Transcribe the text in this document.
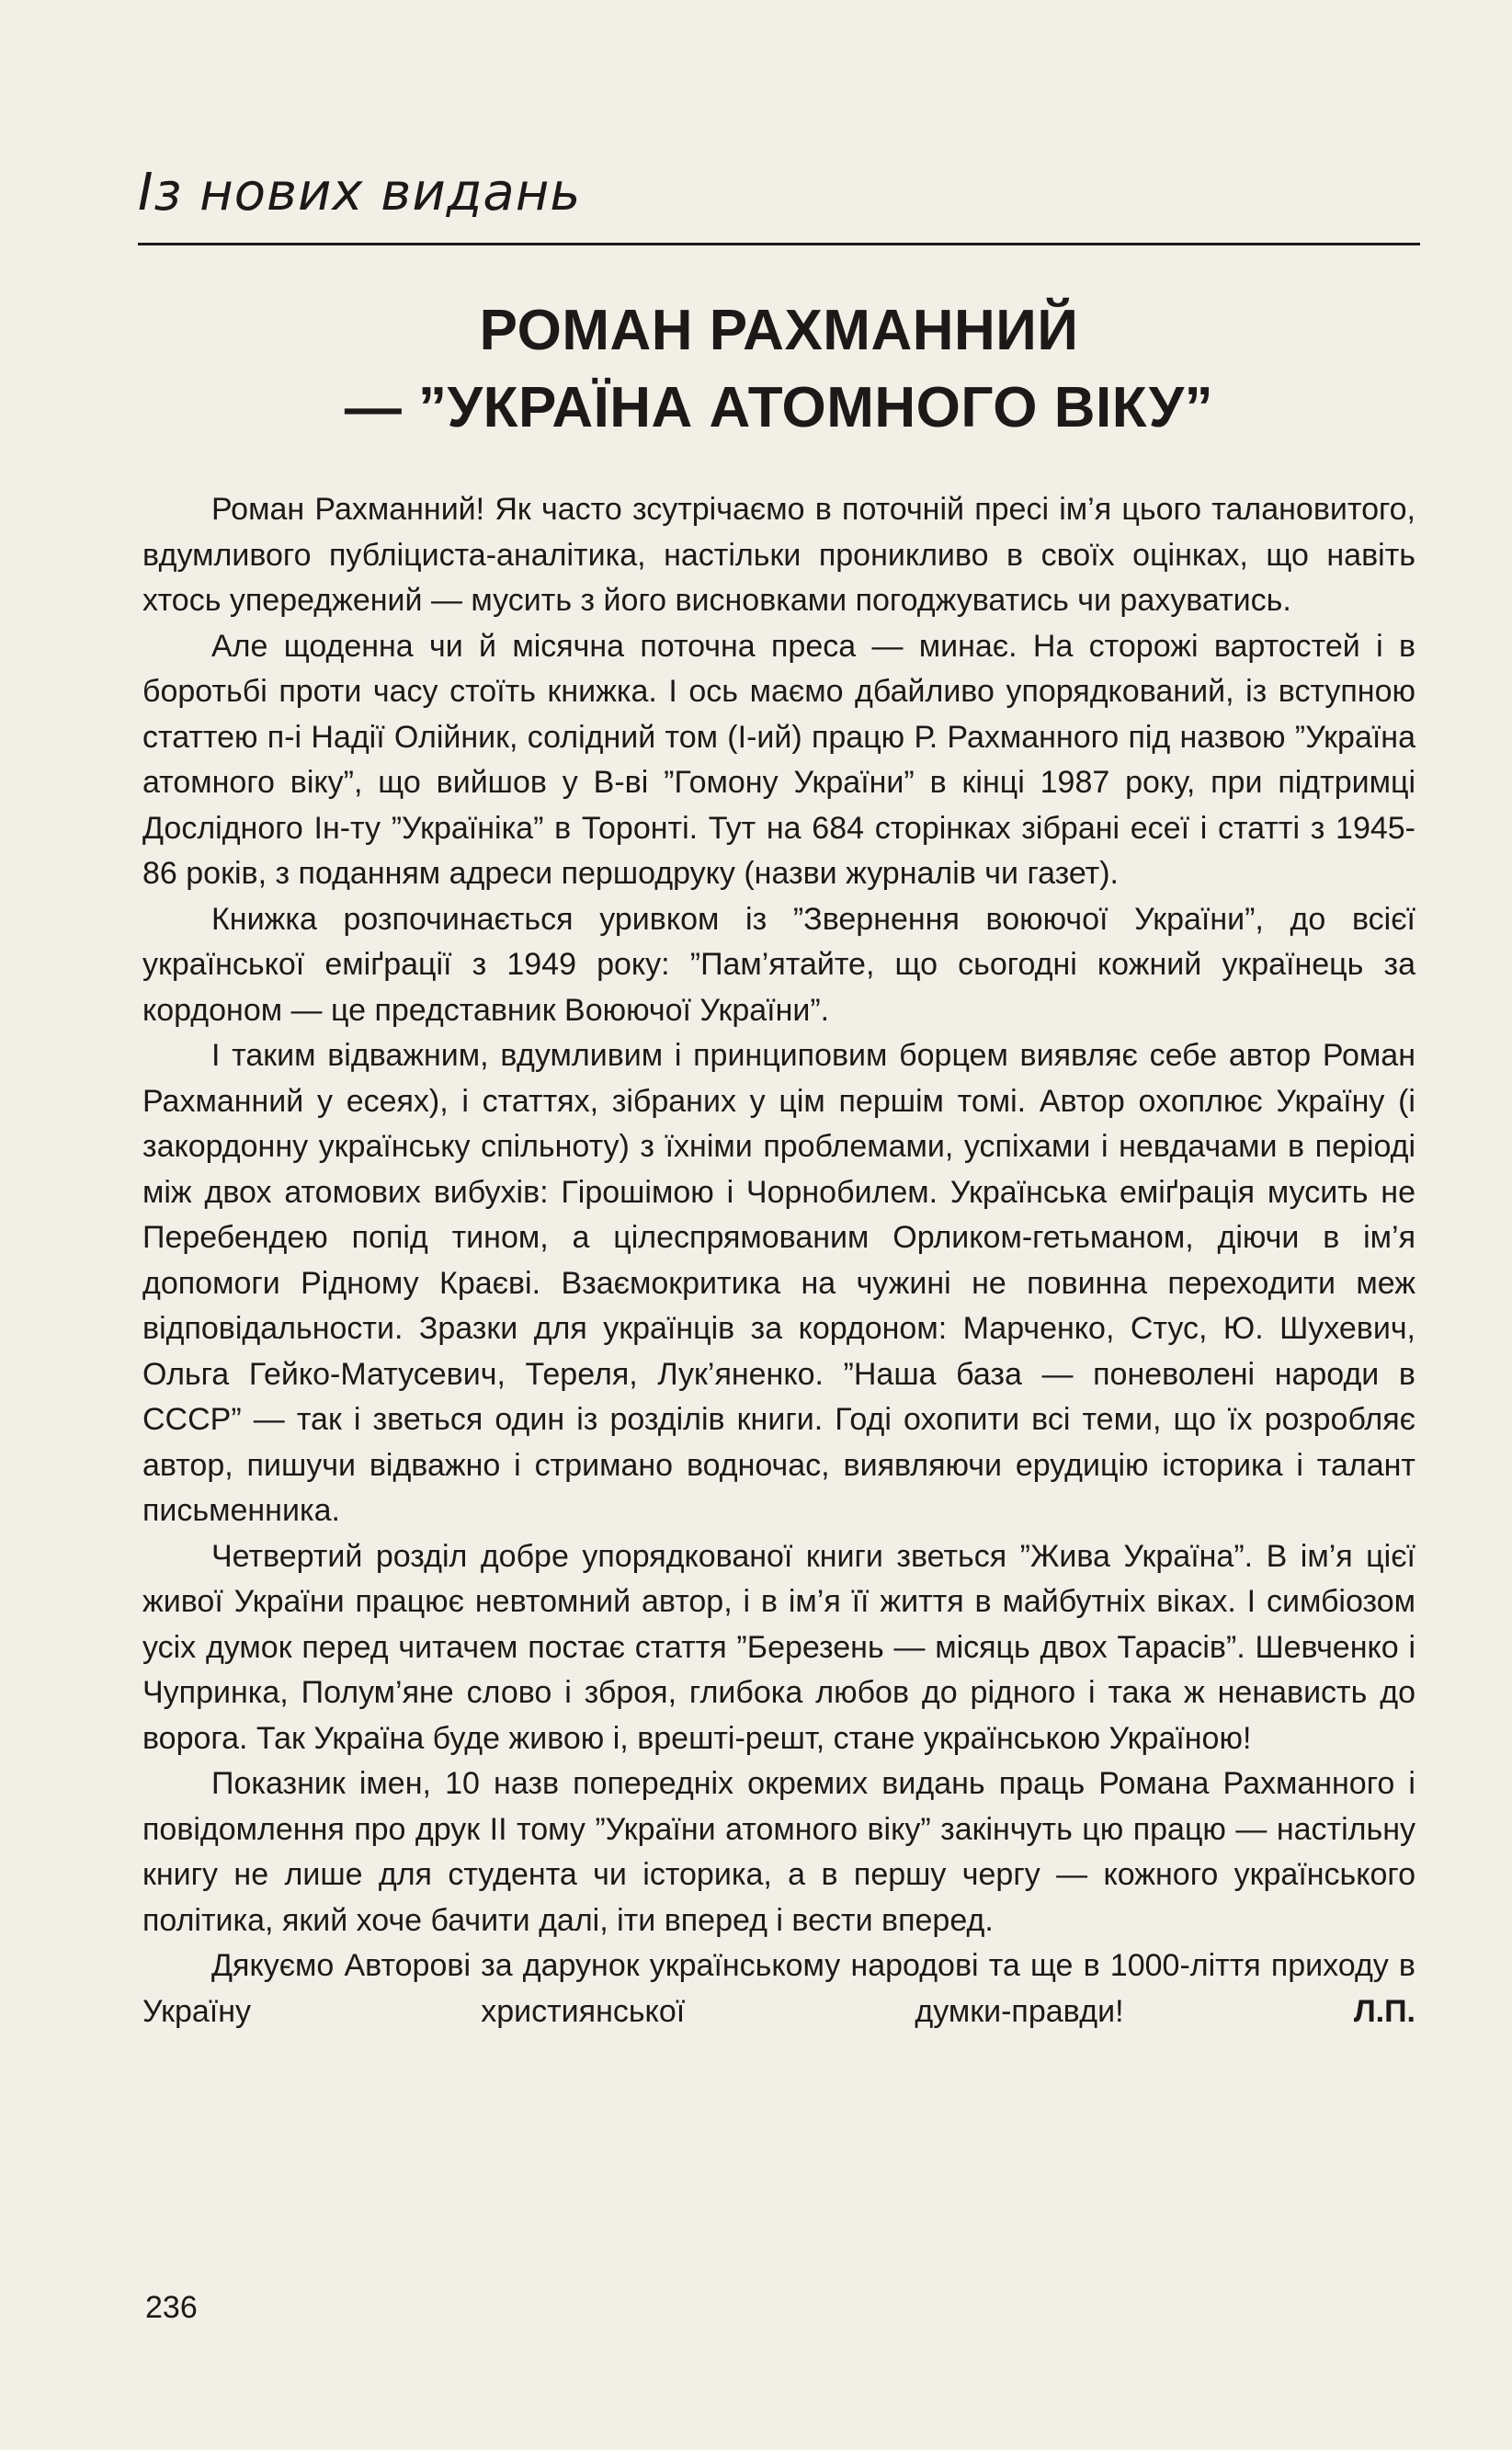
Із нових видань
РОМАН РАХМАННИЙ
— ”УКРАЇНА АТОМНОГО ВІКУ”

Роман Рахманний! Як часто зсутрічаємо в поточній пресі ім’я цього талановитого, вдумливого публіциста-аналітика, настільки проникливо в своїх оцінках, що навіть хтось упереджений — мусить з його висновками погоджуватись чи рахуватись.

Але щоденна чи й місячна поточна преса — минає. На сторожі вартостей і в боротьбі проти часу стоїть книжка. І ось маємо дбайливо упорядкований, із вступною статтею п-і Надії Олійник, солідний том (І-ий) працю Р. Рахманного під назвою ”Україна атомного віку”, що вийшов у В-ві ”Гомону України” в кінці 1987 року, при підтримці Дослідного Ін-ту ”Українiка” в Торонті. Тут на 684 сторінках зібрані есеї і статті з 1945-86 років, з поданням адреси першодруку (назви журналів чи газет).

Книжка розпочинається уривком із ”Звернення воюючої України”, до всієї української еміґрації з 1949 року: ”Пам’ятайте, що сьогодні кожний українець за кордоном — це представник Воюючої України”.

І таким відважним, вдумливим і принциповим борцем виявляє себе автор Роман Рахманний у есеях), і статтях, зібраних у цім першім томі. Автор охоплює Україну (і закордонну українську спільноту) з їхніми проблемами, успіхами і невдачами в періоді між двох атомових вибухів: Гірошімою і Чорнобилем. Українська еміґрація мусить не Перебендею попід тином, а цілеспрямованим Орликом-гетьманом, діючи в ім’я допомоги Рідному Краєві. Взаємокритика на чужині не повинна переходити меж відповідальности. Зразки для українців за кордоном: Марченко, Стус, Ю. Шухевич, Ольга Гейко-Матусевич, Тереля, Лук’яненко. ”Наша база — поневолені народи в СССР” — так і зветься один із розділів книги. Годі охопити всі теми, що їх розробляє автор, пишучи відважно і стримано водночас, виявляючи ерудицію історика і талант письменника.

Четвертий розділ добре упорядкованої книги зветься ”Жива Україна”. В ім’я цієї живої України працює невтомний автор, і в ім’я її життя в майбутніх віках. І симбіозом усіх думок перед читачем постає стаття ”Березень — місяць двох Тарасів”. Шевченко і Чупринка, Полум’яне слово і зброя, глибока любов до рідного і така ж ненависть до ворога. Так Україна буде живою і, врешті-решт, стане українською Україною!

Показник імен, 10 назв попередніх окремих видань праць Романа Рахманного і повідомлення про друк ІІ тому ”України атомного віку” закінчуть цю працю — настільну книгу не лише для студента чи історика, а в першу чергу — кожного українського політика, який хоче бачити далі, іти вперед і вести вперед.

Дякуємо Авторові за дарунок українському народові та ще в 1000-ліття приходу в Україну християнської думки-правди!	Л.П.

236
